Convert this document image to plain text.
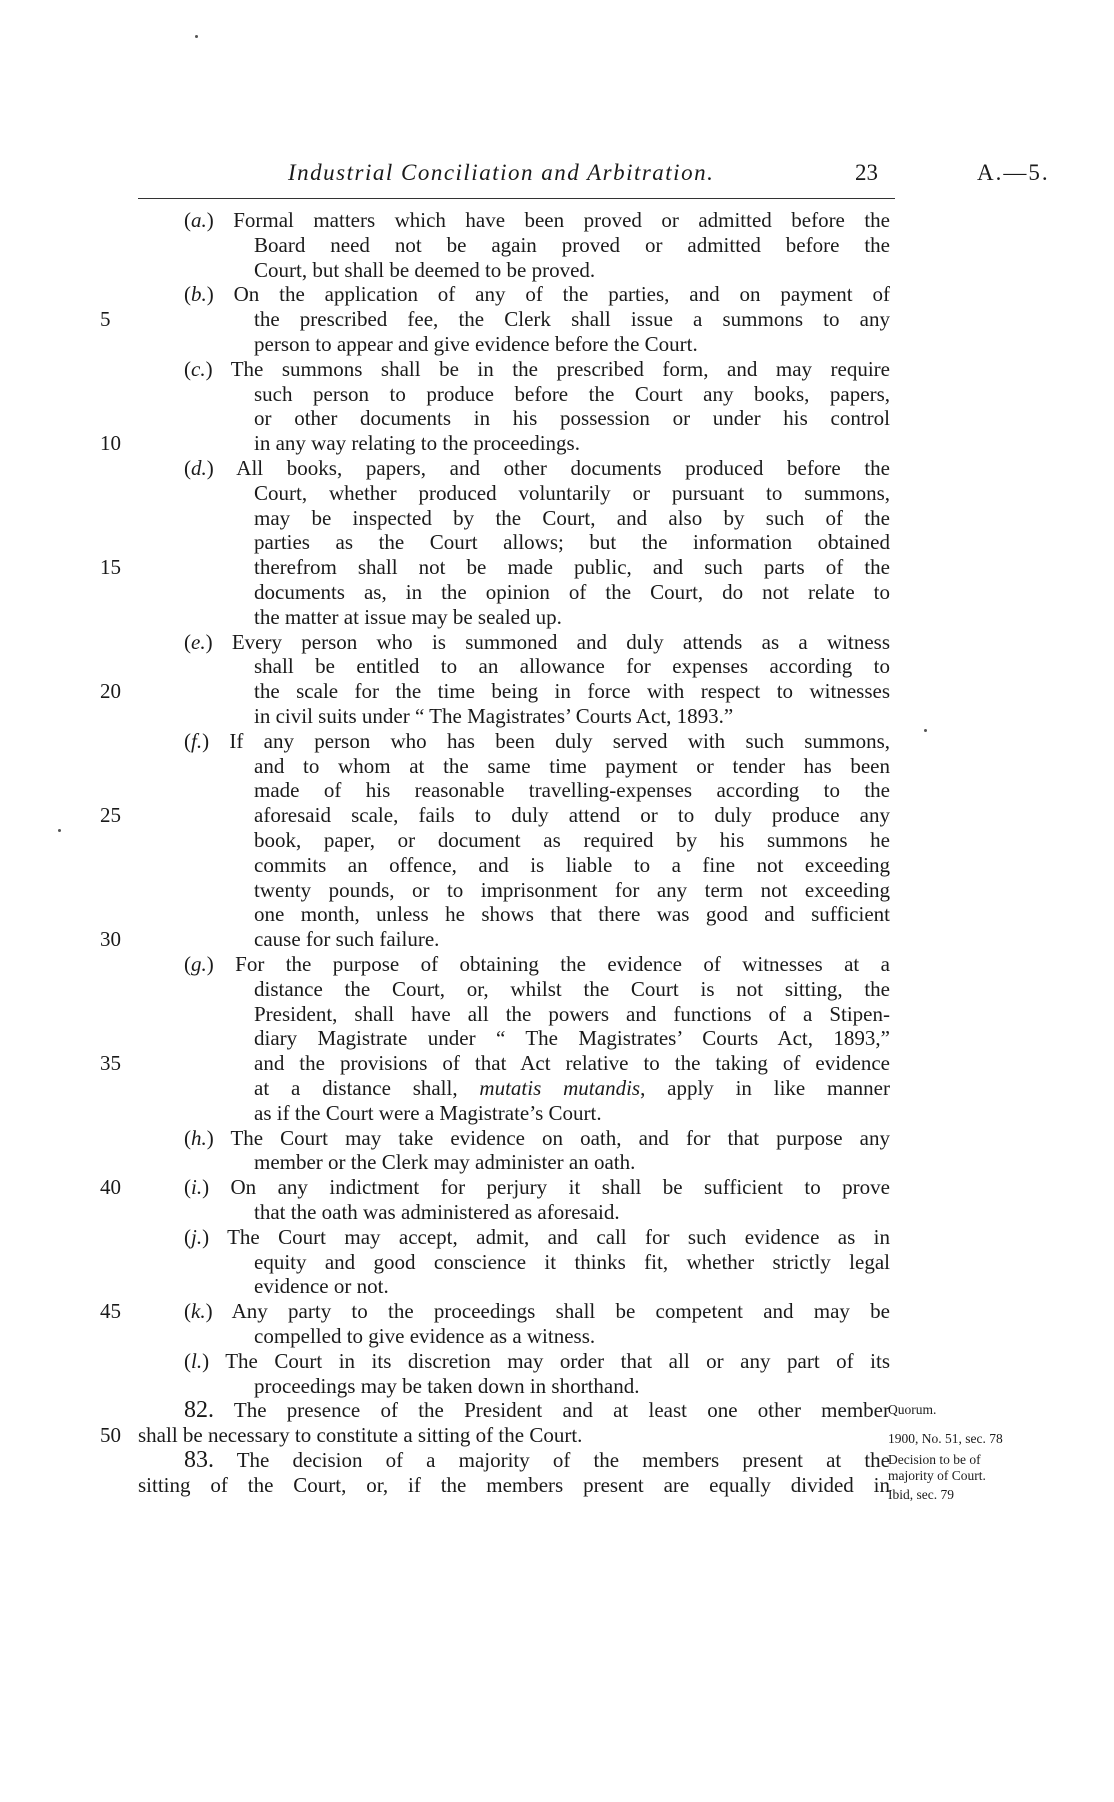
Industrial Conciliation and Arbitration.	23	A.—5.
(a.) Formal matters which have been proved or admitted before the
Board need not be again proved or admitted before the
Court, but shall be deemed to be proved.
(b.) On the application of any of the parties, and on payment of
the prescribed fee, the Clerk shall issue a summons to any
person to appear and give evidence before the Court.
(c.) The summons shall be in the prescribed form, and may require
such person to produce before the Court any books, papers,
or other documents in his possession or under his control
in any way relating to the proceedings.
(d.) All books, papers, and other documents produced before the
Court, whether produced voluntarily or pursuant to summons,
may be inspected by the Court, and also by such of the
parties as the Court allows; but the information obtained
therefrom shall not be made public, and such parts of the
documents as, in the opinion of the Court, do not relate to
the matter at issue may be sealed up.
(e.) Every person who is summoned and duly attends as a witness
shall be entitled to an allowance for expenses according to
the scale for the time being in force with respect to witnesses
in civil suits under “ The Magistrates’ Courts Act, 1893.”
(f.) If any person who has been duly served with such summons,
and to whom at the same time payment or tender has been
made of his reasonable travelling-expenses according to the
aforesaid scale, fails to duly attend or to duly produce any
book, paper, or document as required by his summons he
commits an offence, and is liable to a fine not exceeding
twenty pounds, or to imprisonment for any term not exceeding
one month, unless he shows that there was good and sufficient
cause for such failure.
(g.) For the purpose of obtaining the evidence of witnesses at a
distance the Court, or, whilst the Court is not sitting, the
President, shall have all the powers and functions of a Stipen-
diary Magistrate under “ The Magistrates’ Courts Act, 1893,”
and the provisions of that Act relative to the taking of evidence
at a distance shall, mutatis mutandis, apply in like manner
as if the Court were a Magistrate’s Court.
(h.) The Court may take evidence on oath, and for that purpose any
member or the Clerk may administer an oath.
(i.) On any indictment for perjury it shall be sufficient to prove
that the oath was administered as aforesaid.
(j.) The Court may accept, admit, and call for such evidence as in
equity and good conscience it thinks fit, whether strictly legal
evidence or not.
(k.) Any party to the proceedings shall be competent and may be
compelled to give evidence as a witness.
(l.) The Court in its discretion may order that all or any part of its
proceedings may be taken down in shorthand.
82. The presence of the President and at least one other member
shall be necessary to constitute a sitting of the Court.
83. The decision of a majority of the members present at the
sitting of the Court, or, if the members present are equally divided in
5
10
15
20
25
30
35
40
45
50
Quorum.
1900, No. 51, sec. 78
Decision to be of
majority of Court.
Ibid, sec. 79
